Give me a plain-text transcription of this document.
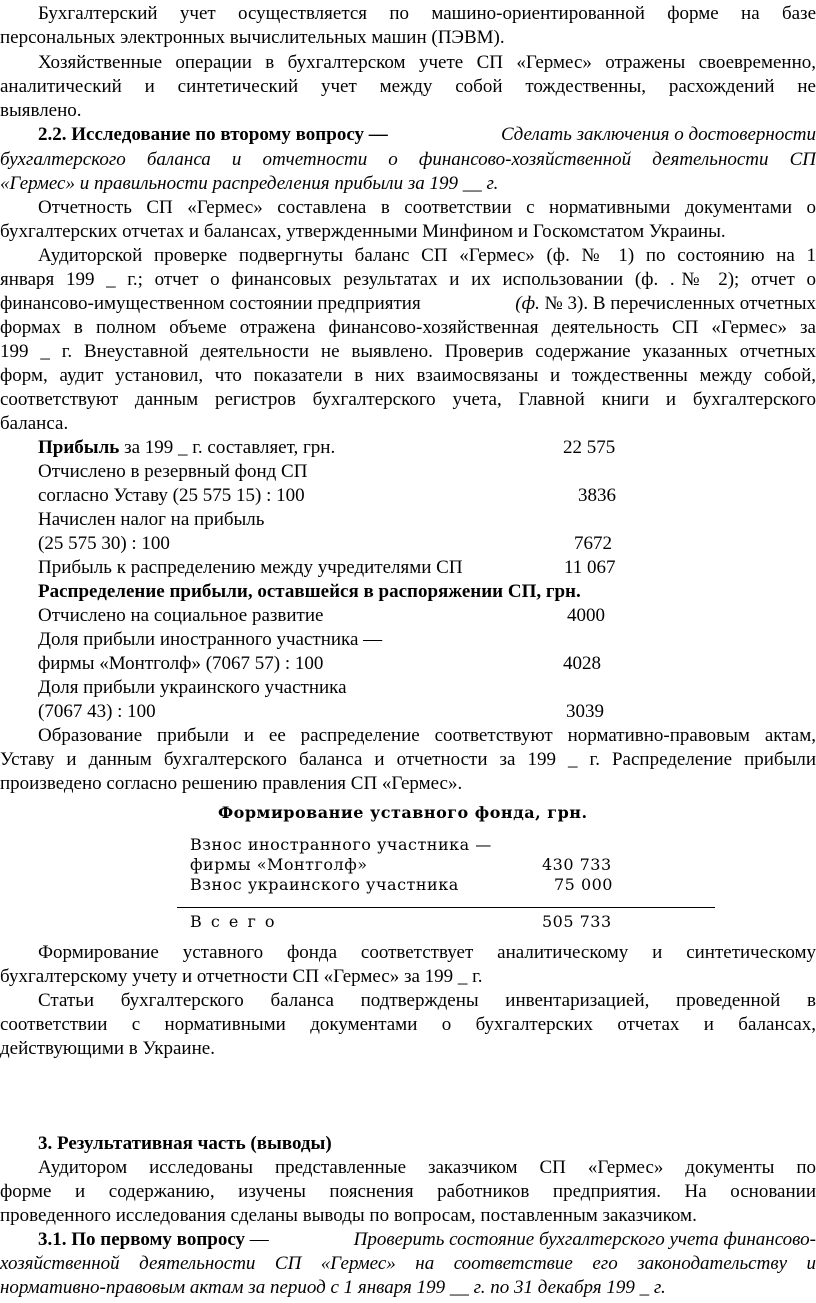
Бухгалтерский учет осуществляется по машино-ориентированной форме на базе
персональных электронных вычислительных машин (ПЭВМ).
Хозяйственные операции в бухгалтерском учете СП «Гермес» отражены своевременно,
аналитический и синтетический учет между собой тождественны, расхождений не
выявлено.
2.2. Исследование по второму вопросу —	Сделать заключения о достоверности
бухгалтерского баланса и отчетности о финансово-хозяйственной деятельности СП
«Гермес» и правильности распределения прибыли за 199 __ г.
Отчетность СП «Гермес» составлена в соответствии с нормативными документами о
бухгалтерских отчетах и балансах, утвержденными Минфином и Госкомстатом Украины.
Аудиторской проверке подвергнуты баланс СП «Гермес» (ф. № 1) по состоянию на 1
января 199 _ г.; отчет о финансовых результатах и их использовании (ф. .№ 2); отчет о
финансово-имущественном состоянии предприятия	(ф. № 3). В перечисленных отчетных
формах в полном объеме отражена финансово-хозяйственная деятельность СП «Гермес» за
199 _ г. Внеуставной деятельности не выявлено. Проверив содержание указанных отчетных
форм, аудит установил, что показатели в них взаимосвязаны и тождественны между собой,
соответствуют данным регистров бухгалтерского учета, Главной книги и бухгалтерского
баланса.
Прибыль за 199 _ г. составляет, грн.	22 575
Отчислено в резервный фонд СП
согласно Уставу (25 575 15) : 100	3836
Начислен налог на прибыль
(25 575 30) : 100	7672
Прибыль к распределению между учредителями СП	11 067
Распределение прибыли, оставшейся в распоряжении СП, грн.
Отчислено на социальное развитие	4000
Доля прибыли иностранного участника —
фирмы «Монтголф» (7067 57) : 100	4028
Доля прибыли украинского участника
(7067 43) : 100	3039
Образование прибыли и ее распределение соответствуют нормативно-правовым актам,
Уставу и данным бухгалтерского баланса и отчетности за 199 _ г. Распределение прибыли
произведено согласно решению правления СП «Гермес».
Формирование уставного фонда, грн.
Взнос иностранного участника —
фирмы «Монтголф»	430 733
Взнос украинского участника	75 000
В с е г о	505 733
Формирование уставного фонда соответствует аналитическому и синтетическому
бухгалтерскому учету и отчетности СП «Гермес» за 199 _ г.
Статьи бухгалтерского баланса подтверждены инвентаризацией, проведенной в
соответствии с нормативными документами о бухгалтерских отчетах и балансах,
действующими в Украине.
3. Результативная часть (выводы)
Аудитором исследованы представленные заказчиком СП «Гермес» документы по
форме и содержанию, изучены пояснения работников предприятия. На основании
проведенного исследования сделаны выводы по вопросам, поставленным заказчиком.
3.1. По первому вопросу —	Проверить состояние бухгалтерского учета финансово-
хозяйственной деятельности СП «Гермес» на соответствие его законодательству и
нормативно-правовым актам за период с 1 января 199 __ г. по 31 декабря 199 _ г.
